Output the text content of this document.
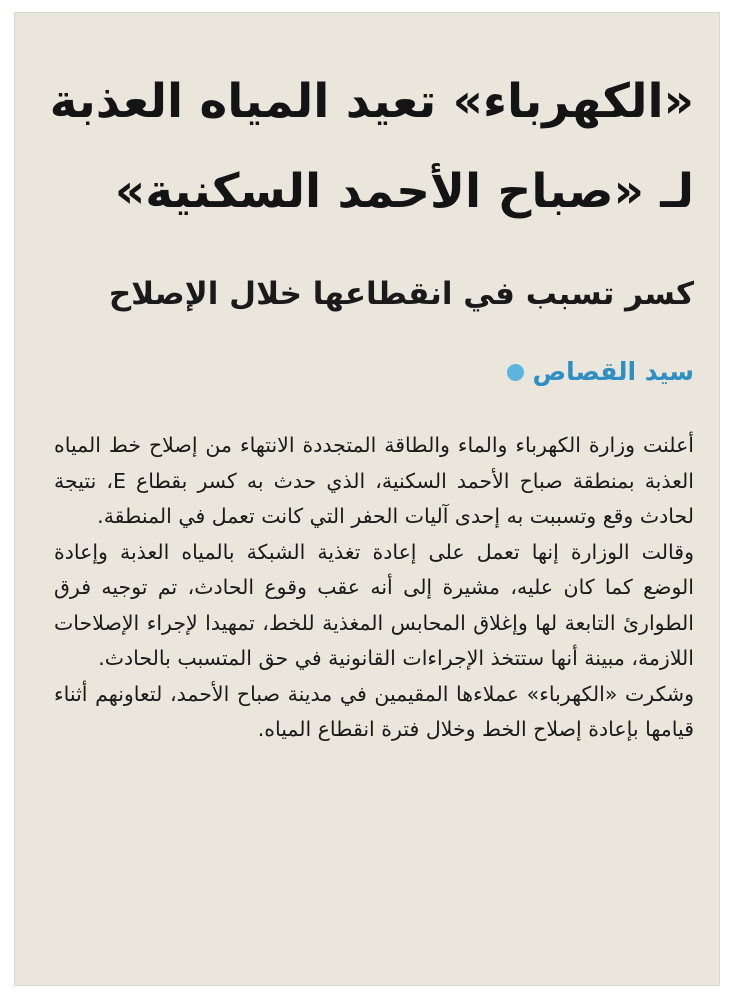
«الكهرباء» تعيد المياه العذبة
لـ «صباح الأحمد السكنية»
كسر تسبب في انقطاعها خلال الإصلاح
سيد القصاص

أعلنت وزارة الكهرباء والماء والطاقة المتجددة الانتهاء من إصلاح خط المياه العذبة بمنطقة صباح الأحمد السكنية، الذي حدث به كسر بقطاع E، نتيجة لحادث وقع وتسببت به إحدى آليات الحفر التي كانت تعمل في المنطقة.

وقالت الوزارة إنها تعمل على إعادة تغذية الشبكة بالمياه العذبة وإعادة الوضع كما كان عليه، مشيرة إلى أنه عقب وقوع الحادث، تم توجيه فرق الطوارئ التابعة لها وإغلاق المحابس المغذية للخط، تمهيدا لإجراء الإصلاحات اللازمة، مبينة أنها ستتخذ الإجراءات القانونية في حق المتسبب بالحادث.

وشكرت «الكهرباء» عملاءها المقيمين في مدينة صباح الأحمد، لتعاونهم أثناء قيامها بإعادة إصلاح الخط وخلال فترة انقطاع المياه.
